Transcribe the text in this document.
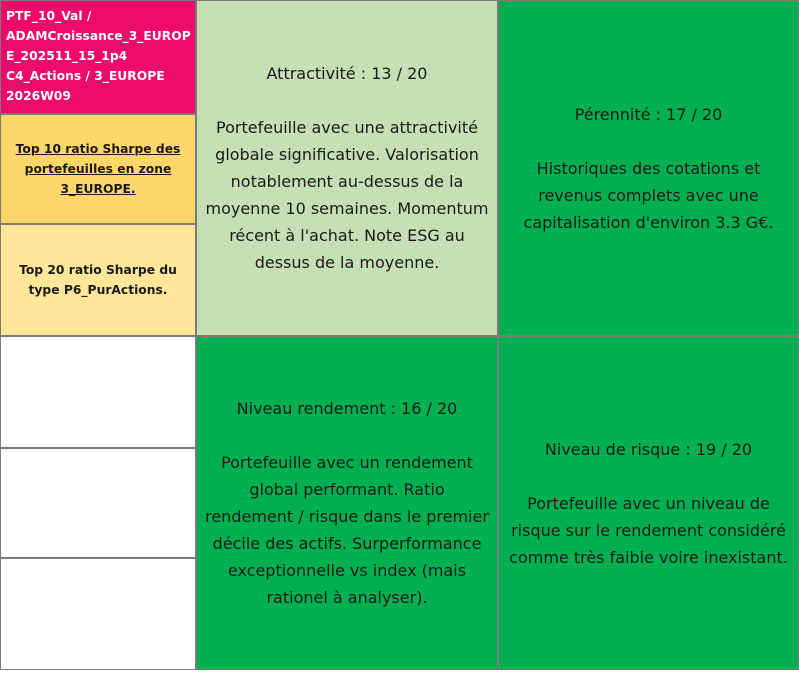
PTF_10_Val /
ADAMCroissance_3_EUROP
E_202511_15_1p4
C4_Actions / 3_EUROPE
2026W09
Top 10 ratio Sharpe des portefeuilles en zone 3_EUROPE.
Top 20 ratio Sharpe du type P6_PurActions.
Attractivité : 13 / 20
Portefeuille avec une attractivité globale significative. Valorisation notablement au-dessus de la moyenne 10 semaines. Momentum récent à l'achat. Note ESG au dessus de la moyenne.
Pérennité : 17 / 20
Historiques des cotations et revenus complets avec une capitalisation d'environ 3.3 G€.
Niveau rendement : 16 / 20
Portefeuille avec un rendement global performant. Ratio rendement / risque dans le premier décile des actifs. Surperformance exceptionnelle vs index (mais rationel à analyser).
Niveau de risque : 19 / 20
Portefeuille avec un niveau de risque sur le rendement considéré comme très faible voire inexistant.
